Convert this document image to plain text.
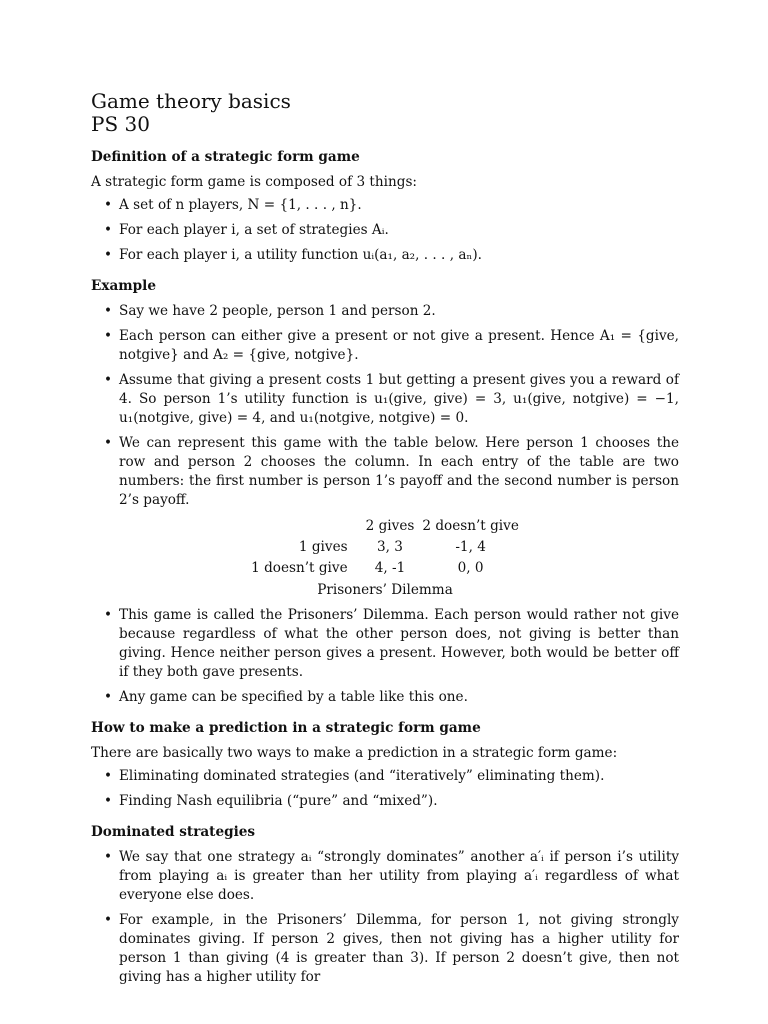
Game theory basics
PS 30
Definition of a strategic form game
A strategic form game is composed of 3 things:
• A set of n players, N = {1, . . . , n}.
• For each player i, a set of strategies Aᵢ.
• For each player i, a utility function uᵢ(a₁, a₂, . . . , aₙ).
Example
• Say we have 2 people, person 1 and person 2.
• Each person can either give a present or not give a present. Hence A₁ = {give, notgive} and A₂ = {give, notgive}.
• Assume that giving a present costs 1 but getting a present gives you a reward of 4. So person 1’s utility function is u₁(give, give) = 3, u₁(give, notgive) = −1, u₁(notgive, give) = 4, and u₁(notgive, notgive) = 0.
• We can represent this game with the table below. Here person 1 chooses the row and person 2 chooses the column. In each entry of the table are two numbers: the first number is person 1’s payoff and the second number is person 2’s payoff.
	2 gives	2 doesn’t give
1 gives	3, 3	-1, 4
1 doesn’t give	4, -1	0, 0
Prisoners’ Dilemma
• This game is called the Prisoners’ Dilemma. Each person would rather not give because regardless of what the other person does, not giving is better than giving. Hence neither person gives a present. However, both would be better off if they both gave presents.
• Any game can be specified by a table like this one.
How to make a prediction in a strategic form game
There are basically two ways to make a prediction in a strategic form game:
• Eliminating dominated strategies (and “iteratively” eliminating them).
• Finding Nash equilibria (“pure” and “mixed”).
Dominated strategies
• We say that one strategy aᵢ “strongly dominates” another a′ᵢ if person i’s utility from playing aᵢ is greater than her utility from playing a′ᵢ regardless of what everyone else does.
• For example, in the Prisoners’ Dilemma, for person 1, not giving strongly dominates giving. If person 2 gives, then not giving has a higher utility for person 1 than giving (4 is greater than 3). If person 2 doesn’t give, then not giving has a higher utility for
